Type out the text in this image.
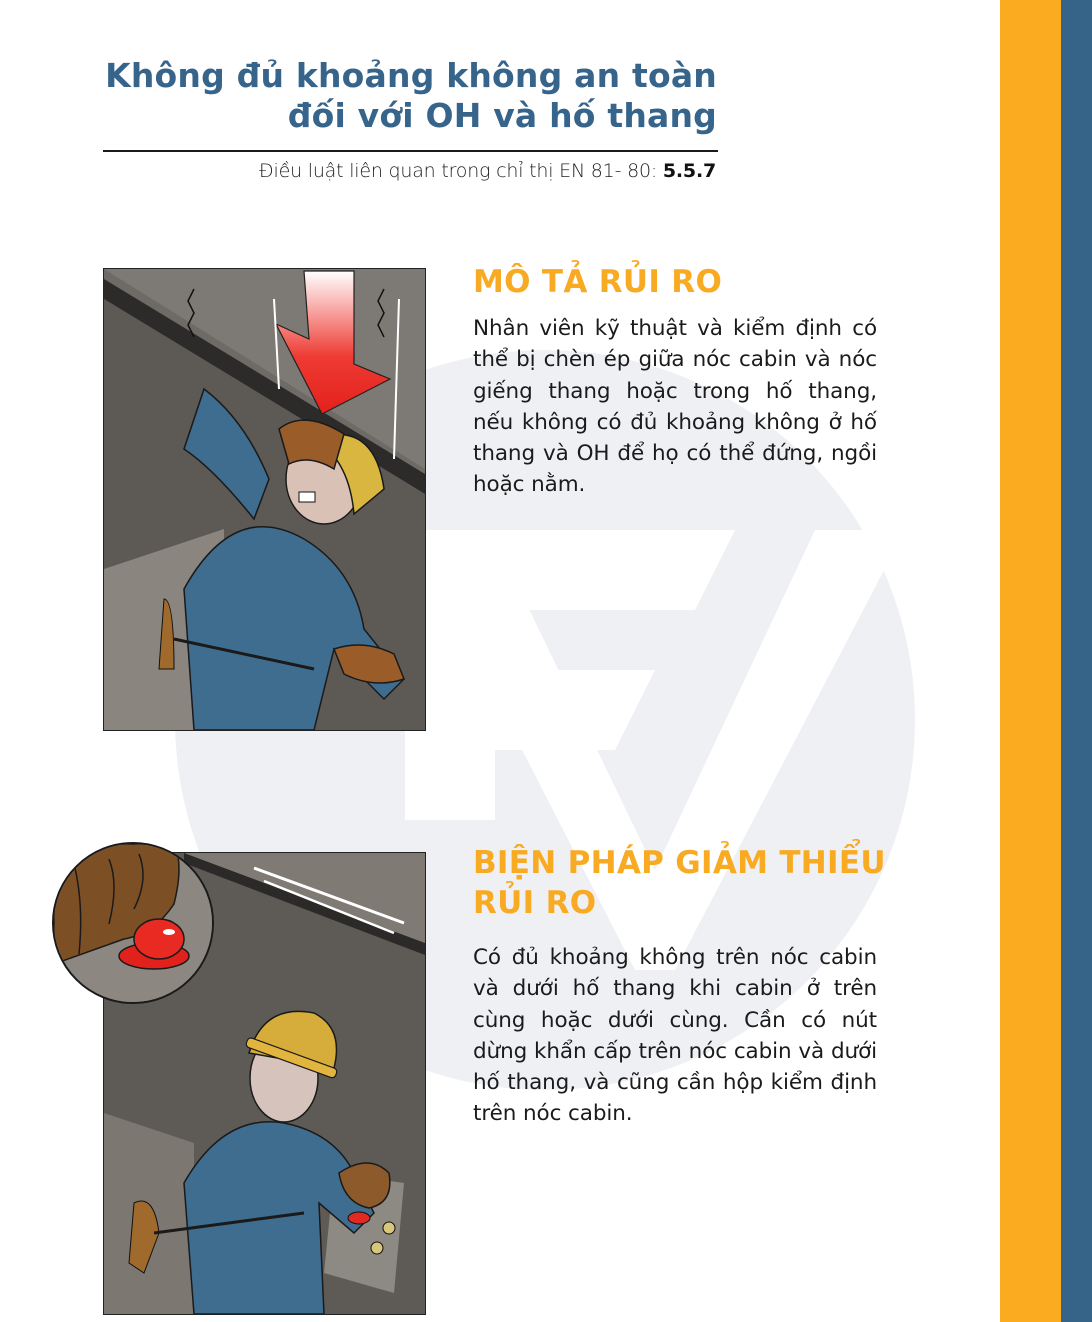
Không đủ khoảng không an toàn
đối với OH và hố thang
Điều luật liên quan trong chỉ thị EN 81- 80: 5.5.7
MÔ TẢ RỦI RO
Nhân viên kỹ thuật và kiểm định có thể bị chèn ép giữa nóc cabin và nóc giếng thang hoặc trong hố thang, nếu không có đủ khoảng không ở hố thang và OH để họ có thể đứng, ngồi hoặc nằm.
BIỆN PHÁP GIẢM THIỂU
RỦI RO
Có đủ khoảng không trên nóc cabin và dưới hố thang khi cabin ở trên cùng hoặc dưới cùng. Cần có nút dừng khẩn cấp trên nóc cabin và dưới hố thang, và cũng cần hộp kiểm định trên nóc cabin.
